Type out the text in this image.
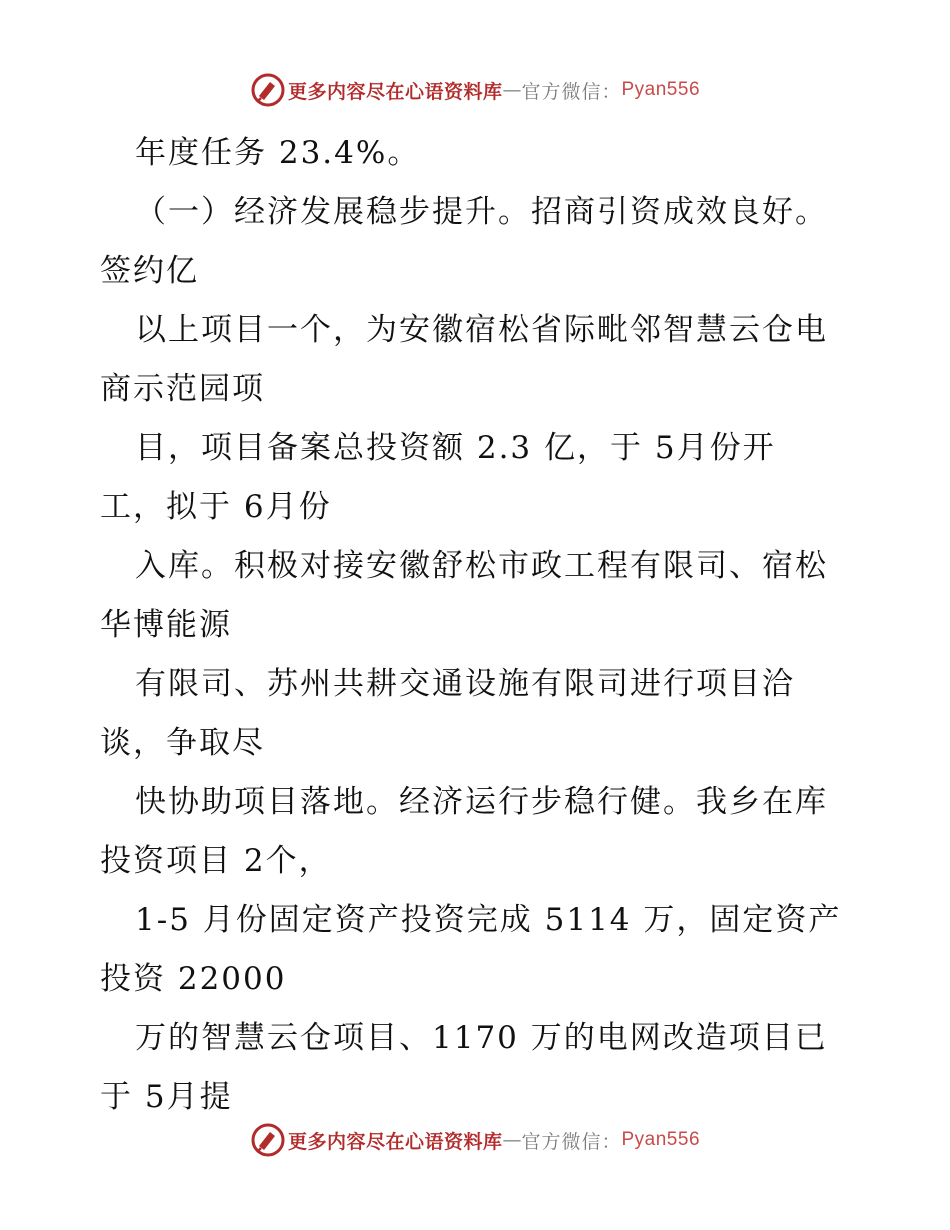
更多内容尽在心语资料库 — 官方微信： Pyan556
年度任务 23.4%。
（一）经济发展稳步提升。招商引资成效良好。
签约亿
以上项目一个，为安徽宿松省际毗邻智慧云仓电
商示范园项
目，项目备案总投资额 2.3 亿，于 5月份开
工，拟于 6月份
入库。积极对接安徽舒松市政工程有限司、宿松
华博能源
有限司、苏州共耕交通设施有限司进行项目洽
谈，争取尽
快协助项目落地。经济运行步稳行健。我乡在库
投资项目 2个，
1-5 月份固定资产投资完成 5114 万，固定资产
投资 22000
万的智慧云仓项目、1170 万的电网改造项目已
于 5月提
更多内容尽在心语资料库 — 官方微信： Pyan556
